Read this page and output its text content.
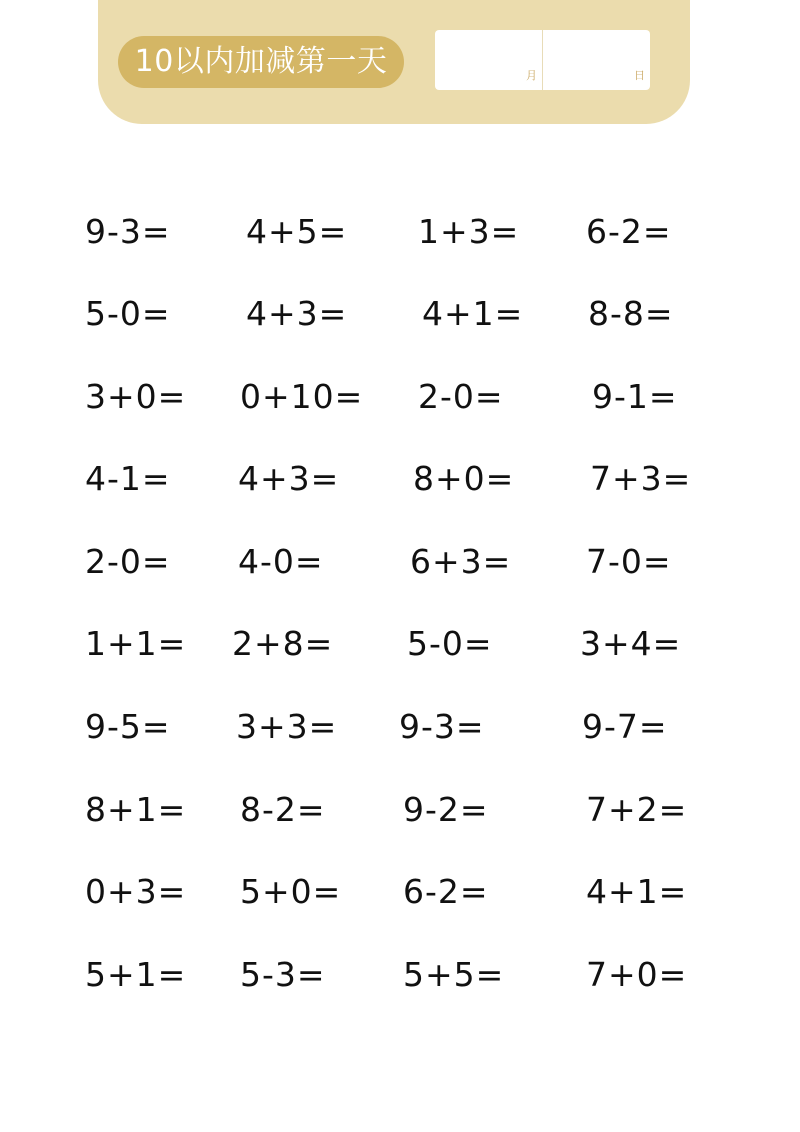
10以内加减第一天	月	日
9-3= 4+5= 1+3= 6-2=
5-0= 4+3= 4+1= 8-8=
3+0= 0+10= 2-0=	9-1=
4-1= 4+3= 8+0= 7+3=
2-0= 4-0=	6+3= 7-0=
1+1= 2+8= 5-0=	3+4=
9-5= 3+3= 9-3=	9-7=
8+1= 8-2= 9-2=	7+2=
0+3= 5+0= 6-2=	4+1=
5+1= 5-3= 5+5= 7+0=
